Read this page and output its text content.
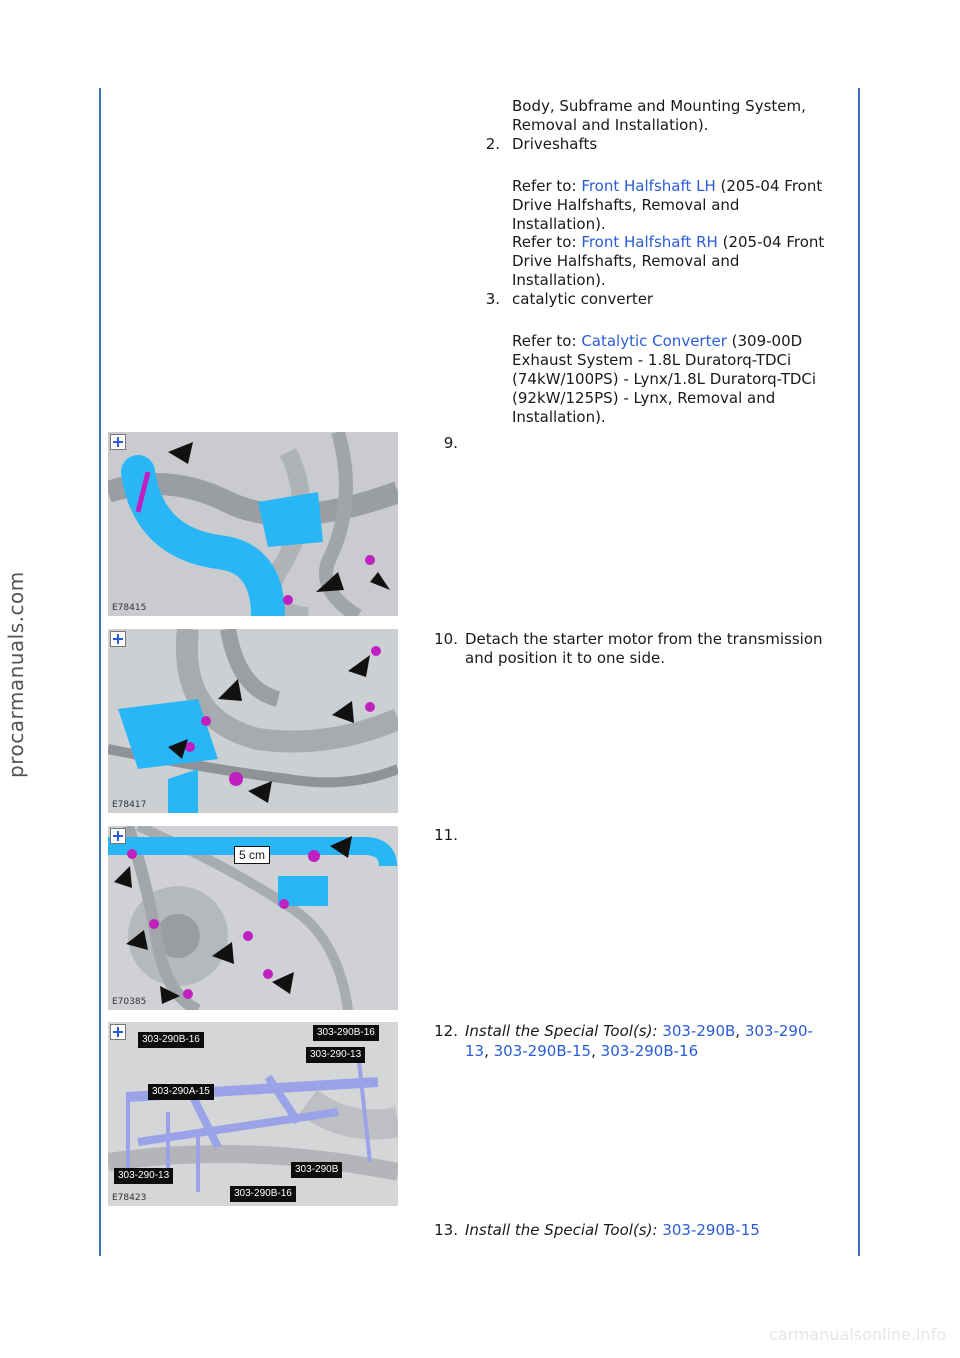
procarmanuals.com
carmanualsonline.info
Body, Subframe and Mounting System,
Removal and Installation).
2. Driveshafts
Refer to: Front Halfshaft LH (205-04 Front
Drive Halfshafts, Removal and
Installation).
Refer to: Front Halfshaft RH (205-04 Front
Drive Halfshafts, Removal and
Installation).
3. catalytic converter
Refer to: Catalytic Converter (309-00D
Exhaust System - 1.8L Duratorq-TDCi
(74kW/100PS) - Lynx/1.8L Duratorq-TDCi
(92kW/125PS) - Lynx, Removal and
Installation).
E78415
9.
E78417
10. Detach the starter motor from the transmission
and position it to one side.
5 cm
E70385
11.
303-290B-16
303-290B-16
303-290-13
303-290A-15
303-290-13
303-290B
303-290B-16
E78423
12. Install the Special Tool(s): 303-290B, 303-290-
13, 303-290B-15, 303-290B-16
13. Install the Special Tool(s): 303-290B-15
